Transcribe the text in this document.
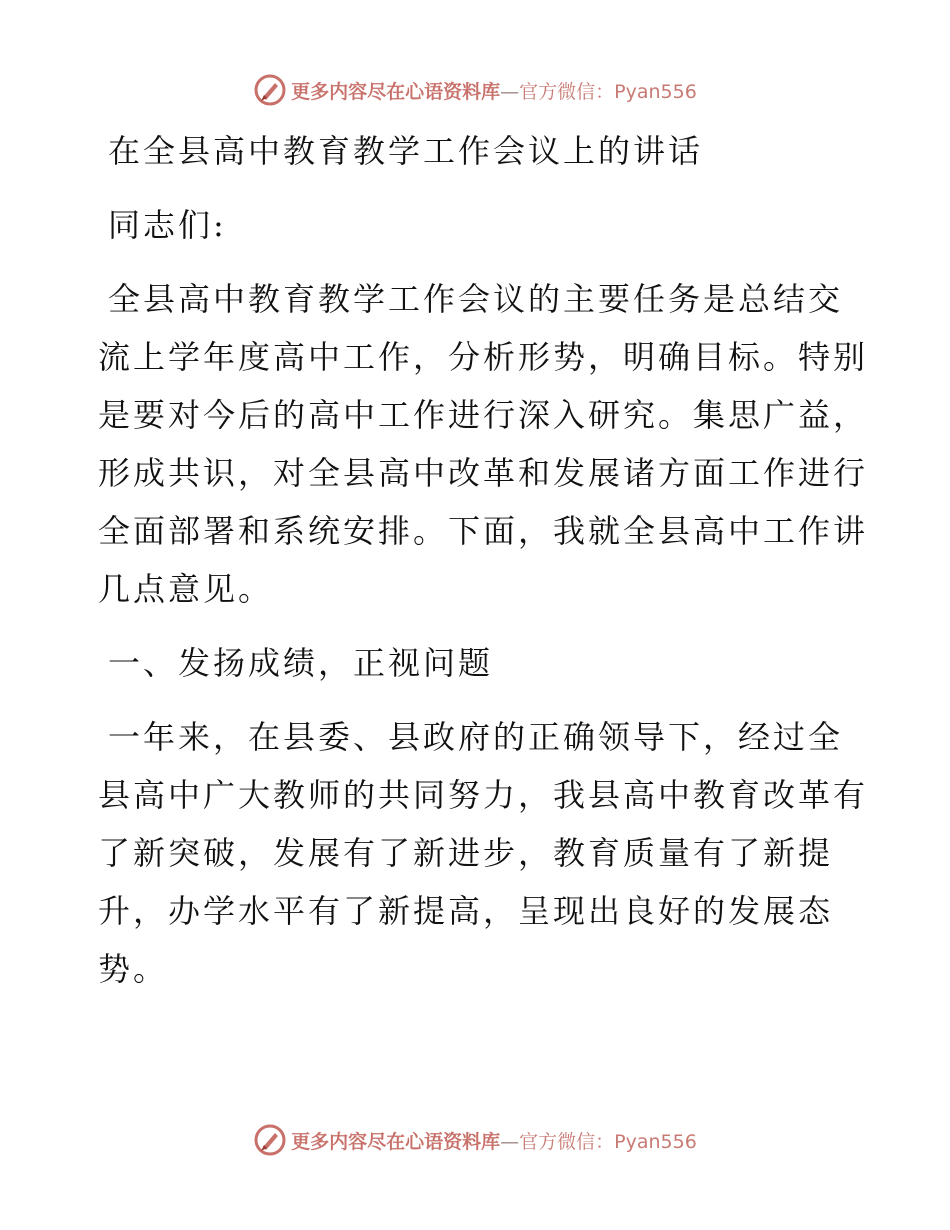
更多内容尽在心语资料库—官方微信：Pyan556
在全县高中教育教学工作会议上的讲话
同志们:
全县高中教育教学工作会议的主要任务是总结交
流上学年度高中工作，分析形势，明确目标。特别
是要对今后的高中工作进行深入研究。集思广益，
形成共识，对全县高中改革和发展诸方面工作进行
全面部署和系统安排。下面，我就全县高中工作讲
几点意见。
一、发扬成绩，正视问题
一年来，在县委、县政府的正确领导下，经过全
县高中广大教师的共同努力，我县高中教育改革有
了新突破，发展有了新进步，教育质量有了新提
升，办学水平有了新提高，呈现出良好的发展态
势。
更多内容尽在心语资料库—官方微信：Pyan556
